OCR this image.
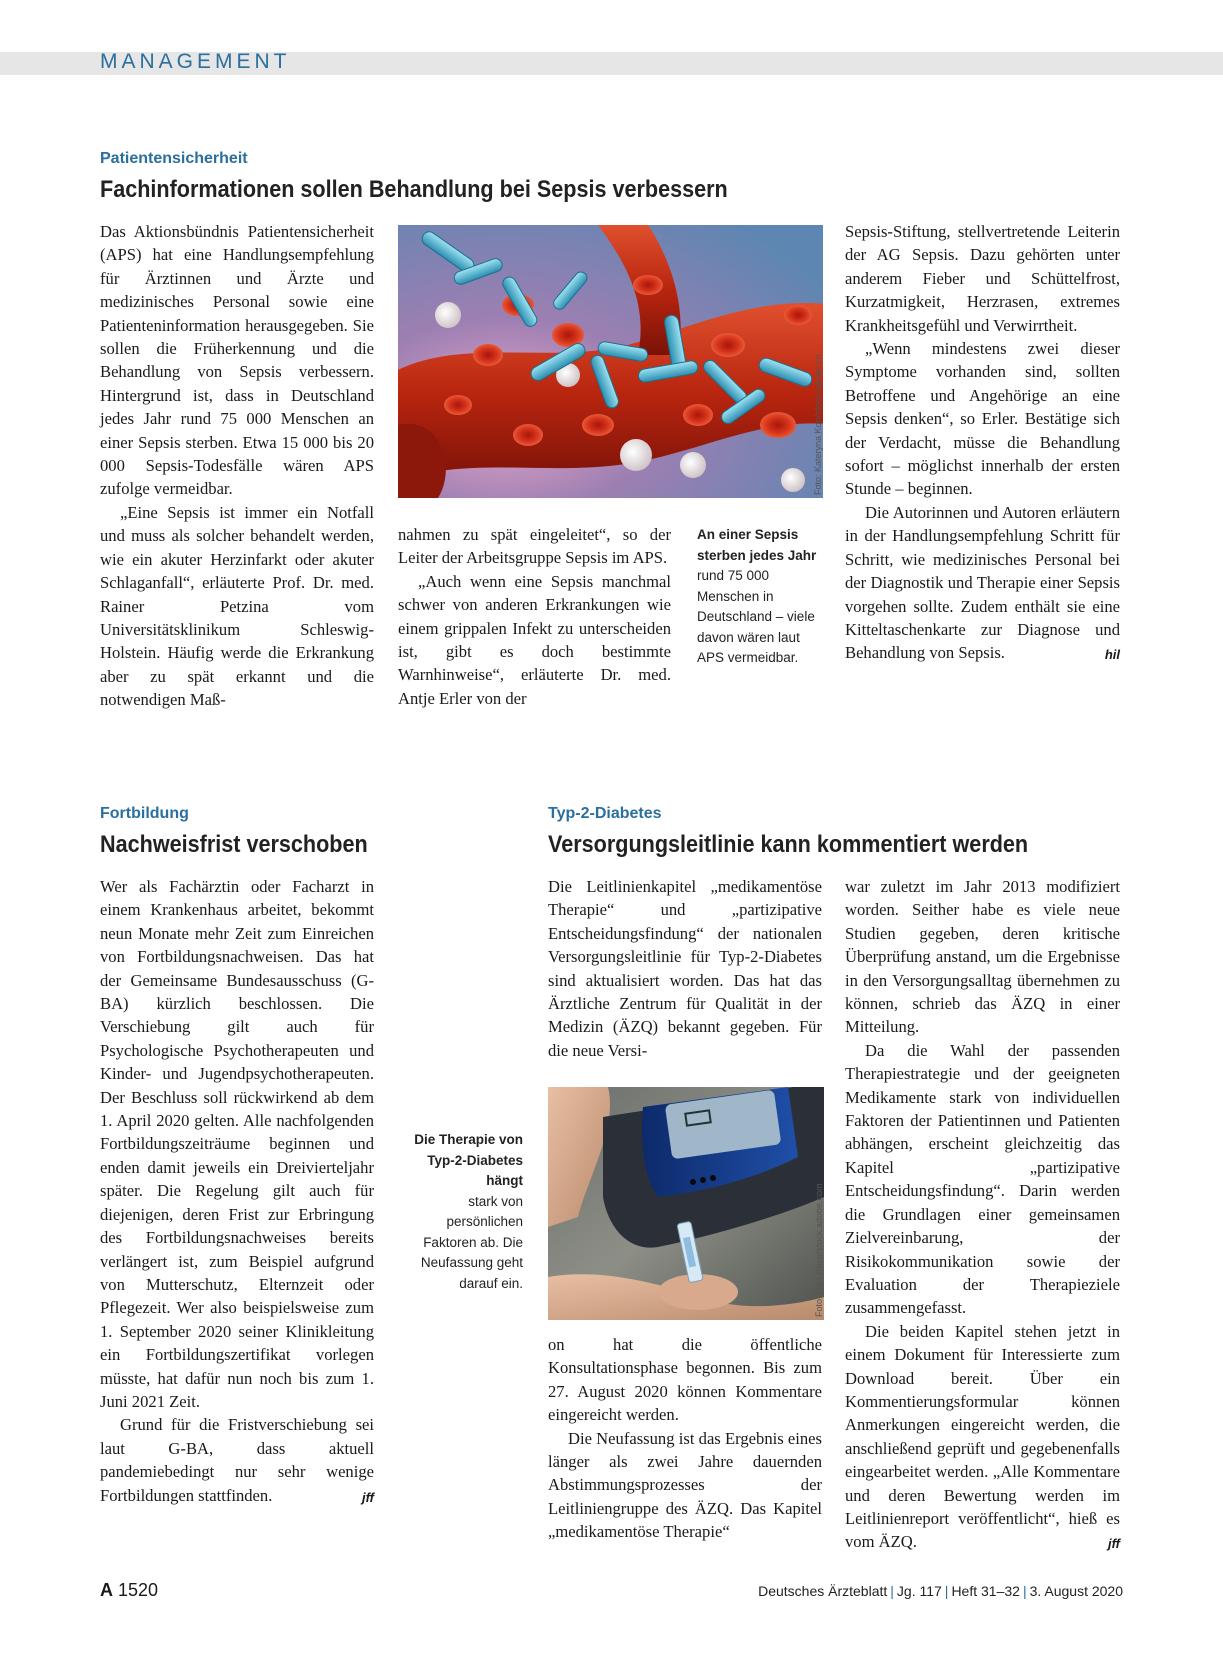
MANAGEMENT
Patientensicherheit
Fachinformationen sollen Behandlung bei Sepsis verbessern

Das Aktionsbündnis Patientensicherheit (APS) hat eine Handlungsempfehlung für Ärztinnen und Ärzte und medizinisches Personal sowie eine Patienteninformation herausgegeben. Sie sollen die Früherkennung und die Behandlung von Sepsis verbessern. Hintergrund ist, dass in Deutschland jedes Jahr rund 75 000 Menschen an einer Sepsis sterben. Etwa 15 000 bis 20 000 Sepsis-Todesfälle wären APS zufolge vermeidbar.

„Eine Sepsis ist immer ein Notfall und muss als solcher behandelt werden, wie ein akuter Herzinfarkt oder akuter Schlaganfall“, erläuterte Prof. Dr. med. Rainer Petzina vom Universitätsklinikum Schleswig-Holstein. Häufig werde die Erkrankung aber zu spät erkannt und die notwendigen Maß-

Foto: Kateryna Kon/stock.adobe.co

nahmen zu spät eingeleitet“, so der Leiter der Arbeitsgruppe Sepsis im APS.

„Auch wenn eine Sepsis manchmal schwer von anderen Erkrankungen wie einem grippalen Infekt zu unterscheiden ist, gibt es doch bestimmte Warnhinweise“, erläuterte Dr. med. Antje Erler von der

An einer Sepsis sterben jedes Jahr
rund 75 000 Menschen in Deutschland – viele davon wären laut APS vermeidbar.

Sepsis-Stiftung, stellvertretende Leiterin der AG Sepsis. Dazu gehörten unter anderem Fieber und Schüttelfrost, Kurzatmigkeit, Herzrasen, extremes Krankheitsgefühl und Verwirrtheit.

„Wenn mindestens zwei dieser Symptome vorhanden sind, sollten Betroffene und Angehörige an eine Sepsis denken“, so Erler. Bestätige sich der Verdacht, müsse die Behandlung sofort – möglichst innerhalb der ersten Stunde – beginnen.

Die Autorinnen und Autoren erläutern in der Handlungsempfehlung Schritt für Schritt, wie medizinisches Personal bei der Diagnostik und Therapie einer Sepsis vorgehen sollte. Zudem enthält sie eine Kitteltaschenkarte zur Diagnose und Behandlung von Sepsis.	hil

Fortbildung
Nachweisfrist verschoben

Wer als Fachärztin oder Facharzt in einem Krankenhaus arbeitet, bekommt neun Monate mehr Zeit zum Einreichen von Fortbildungsnachweisen. Das hat der Gemeinsame Bundesausschuss (G-BA) kürzlich beschlossen. Die Verschiebung gilt auch für Psychologische Psychotherapeuten und Kinder- und Jugendpsychotherapeuten. Der Beschluss soll rückwirkend ab dem 1. April 2020 gelten. Alle nachfolgenden Fortbildungszeiträume beginnen und enden damit jeweils ein Dreivierteljahr später. Die Regelung gilt auch für diejenigen, deren Frist zur Erbringung des Fortbildungsnachweises bereits verlängert ist, zum Beispiel aufgrund von Mutterschutz, Elternzeit oder Pflegezeit. Wer also beispielsweise zum 1. September 2020 seiner Klinikleitung ein Fortbildungszertifikat vorlegen müsste, hat dafür nun noch bis zum 1. Juni 2021 Zeit.

Grund für die Fristverschiebung sei laut G-BA, dass aktuell pandemiebedingt nur sehr wenige Fortbildungen stattfinden.	jff

Typ-2-Diabetes
Versorgungsleitlinie kann kommentiert werden

Die Leitlinienkapitel „medikamentöse Therapie“ und „partizipative Entscheidungsfindung“ der nationalen Versorgungsleitlinie für Typ-2-Diabetes sind aktualisiert worden. Das hat das Ärztliche Zentrum für Qualität in der Medizin (ÄZQ) bekannt gegeben. Für die neue Versi-

Die Therapie von Typ-2-Diabetes hängt
stark von persönlichen Faktoren ab. Die Neufassung geht darauf ein.	Foto: Dan Race/stock.adobe.com

on hat die öffentliche Konsultationsphase begonnen. Bis zum 27. August 2020 können Kommentare eingereicht werden.

Die Neufassung ist das Ergebnis eines länger als zwei Jahre dauernden Abstimmungsprozesses der Leitliniengruppe des ÄZQ. Das Kapitel „medikamentöse Therapie“

war zuletzt im Jahr 2013 modifiziert worden. Seither habe es viele neue Studien gegeben, deren kritische Überprüfung anstand, um die Ergebnisse in den Versorgungsalltag übernehmen zu können, schrieb das ÄZQ in einer Mitteilung.

Da die Wahl der passenden Therapiestrategie und der geeigneten Medikamente stark von individuellen Faktoren der Patientinnen und Patienten abhängen, erscheint gleichzeitig das Kapitel „partizipative Entscheidungsfindung“. Darin werden die Grundlagen einer gemeinsamen Zielvereinbarung, der Risikokommunikation sowie der Evaluation der Therapieziele zusammengefasst.

Die beiden Kapitel stehen jetzt in einem Dokument für Interessierte zum Download bereit. Über ein Kommentierungsformular können Anmerkungen eingereicht werden, die anschließend geprüft und gegebenenfalls eingearbeitet werden. „Alle Kommentare und deren Bewertung werden im Leitlinienreport veröffentlicht“, hieß es vom ÄZQ.	jff

A 1520	Deutsches Ärzteblatt | Jg. 117 | Heft 31–32 | 3. August 2020
